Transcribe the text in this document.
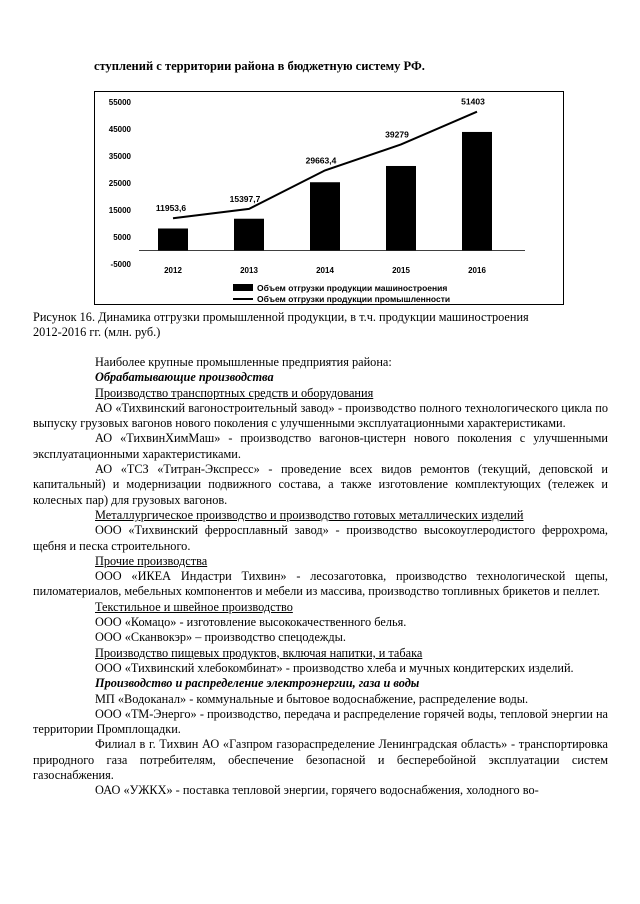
ступлений с территории района в бюджетную систему РФ.
55000
45000
35000
25000
15000
5000
-5000
2012	2013	2014	2015	2016
11953,6
15397,7
29663,4
39279
51403
8152,2
11769
25284
31303
43906
Объем отгрузки продукции машиностроения
Объем отгрузки продукции промышленности
Рисунок 16. Динамика отгрузки промышленной продукции, в т.ч. продукции машиностроения
2012-2016 гг. (млн. руб.)

Наиболее крупные промышленные предприятия района:

Обрабатывающие производства

Производство транспортных средств и оборудования

АО «Тихвинский вагоностроительный завод» - производство полного технологического цикла по выпуску грузовых вагонов нового поколения с улучшенными эксплуатационными характеристиками.

АО «ТихвинХимМаш» - производство вагонов-цистерн нового поколения с улучшенными эксплуатационными характеристиками.

АО «ТСЗ «Титран-Экспресс» - проведение всех видов ремонтов (текущий, деповской и капитальный) и модернизации подвижного состава, а также изготовление комплектующих (тележек и колесных пар) для грузовых вагонов.

Металлургическое производство и производство готовых металлических изделий

ООО «Тихвинский ферросплавный завод» - производство высокоуглеродистого феррохрома, щебня и песка строительного.

Прочие производства

ООО «ИКЕА Индастри Тихвин» - лесозаготовка, производство технологической щепы, пиломатериалов, мебельных компонентов и мебели из массива, производство топливных брикетов и пеллет.

Текстильное и швейное производство

ООО «Комацо» - изготовление высококачественного белья.

ООО «Сканвокэр» – производство спецодежды.

Производство пищевых продуктов, включая напитки, и табака

ООО «Тихвинский хлебокомбинат» - производство хлеба и мучных кондитерских изделий.

Производство и распределение электроэнергии, газа и воды

МП «Водоканал» - коммунальные и бытовое водоснабжение, распределение воды.

ООО «ТМ-Энерго» - производство, передача и распределение горячей воды, тепловой энергии на территории Промплощадки.

Филиал в г. Тихвин АО «Газпром газораспределение Ленинградская область» - транспортировка природного газа потребителям, обеспечение безопасной и бесперебойной эксплуатации систем газоснабжения.

ОАО «УЖКХ» - поставка тепловой энергии, горячего водоснабжения, холодного во-
